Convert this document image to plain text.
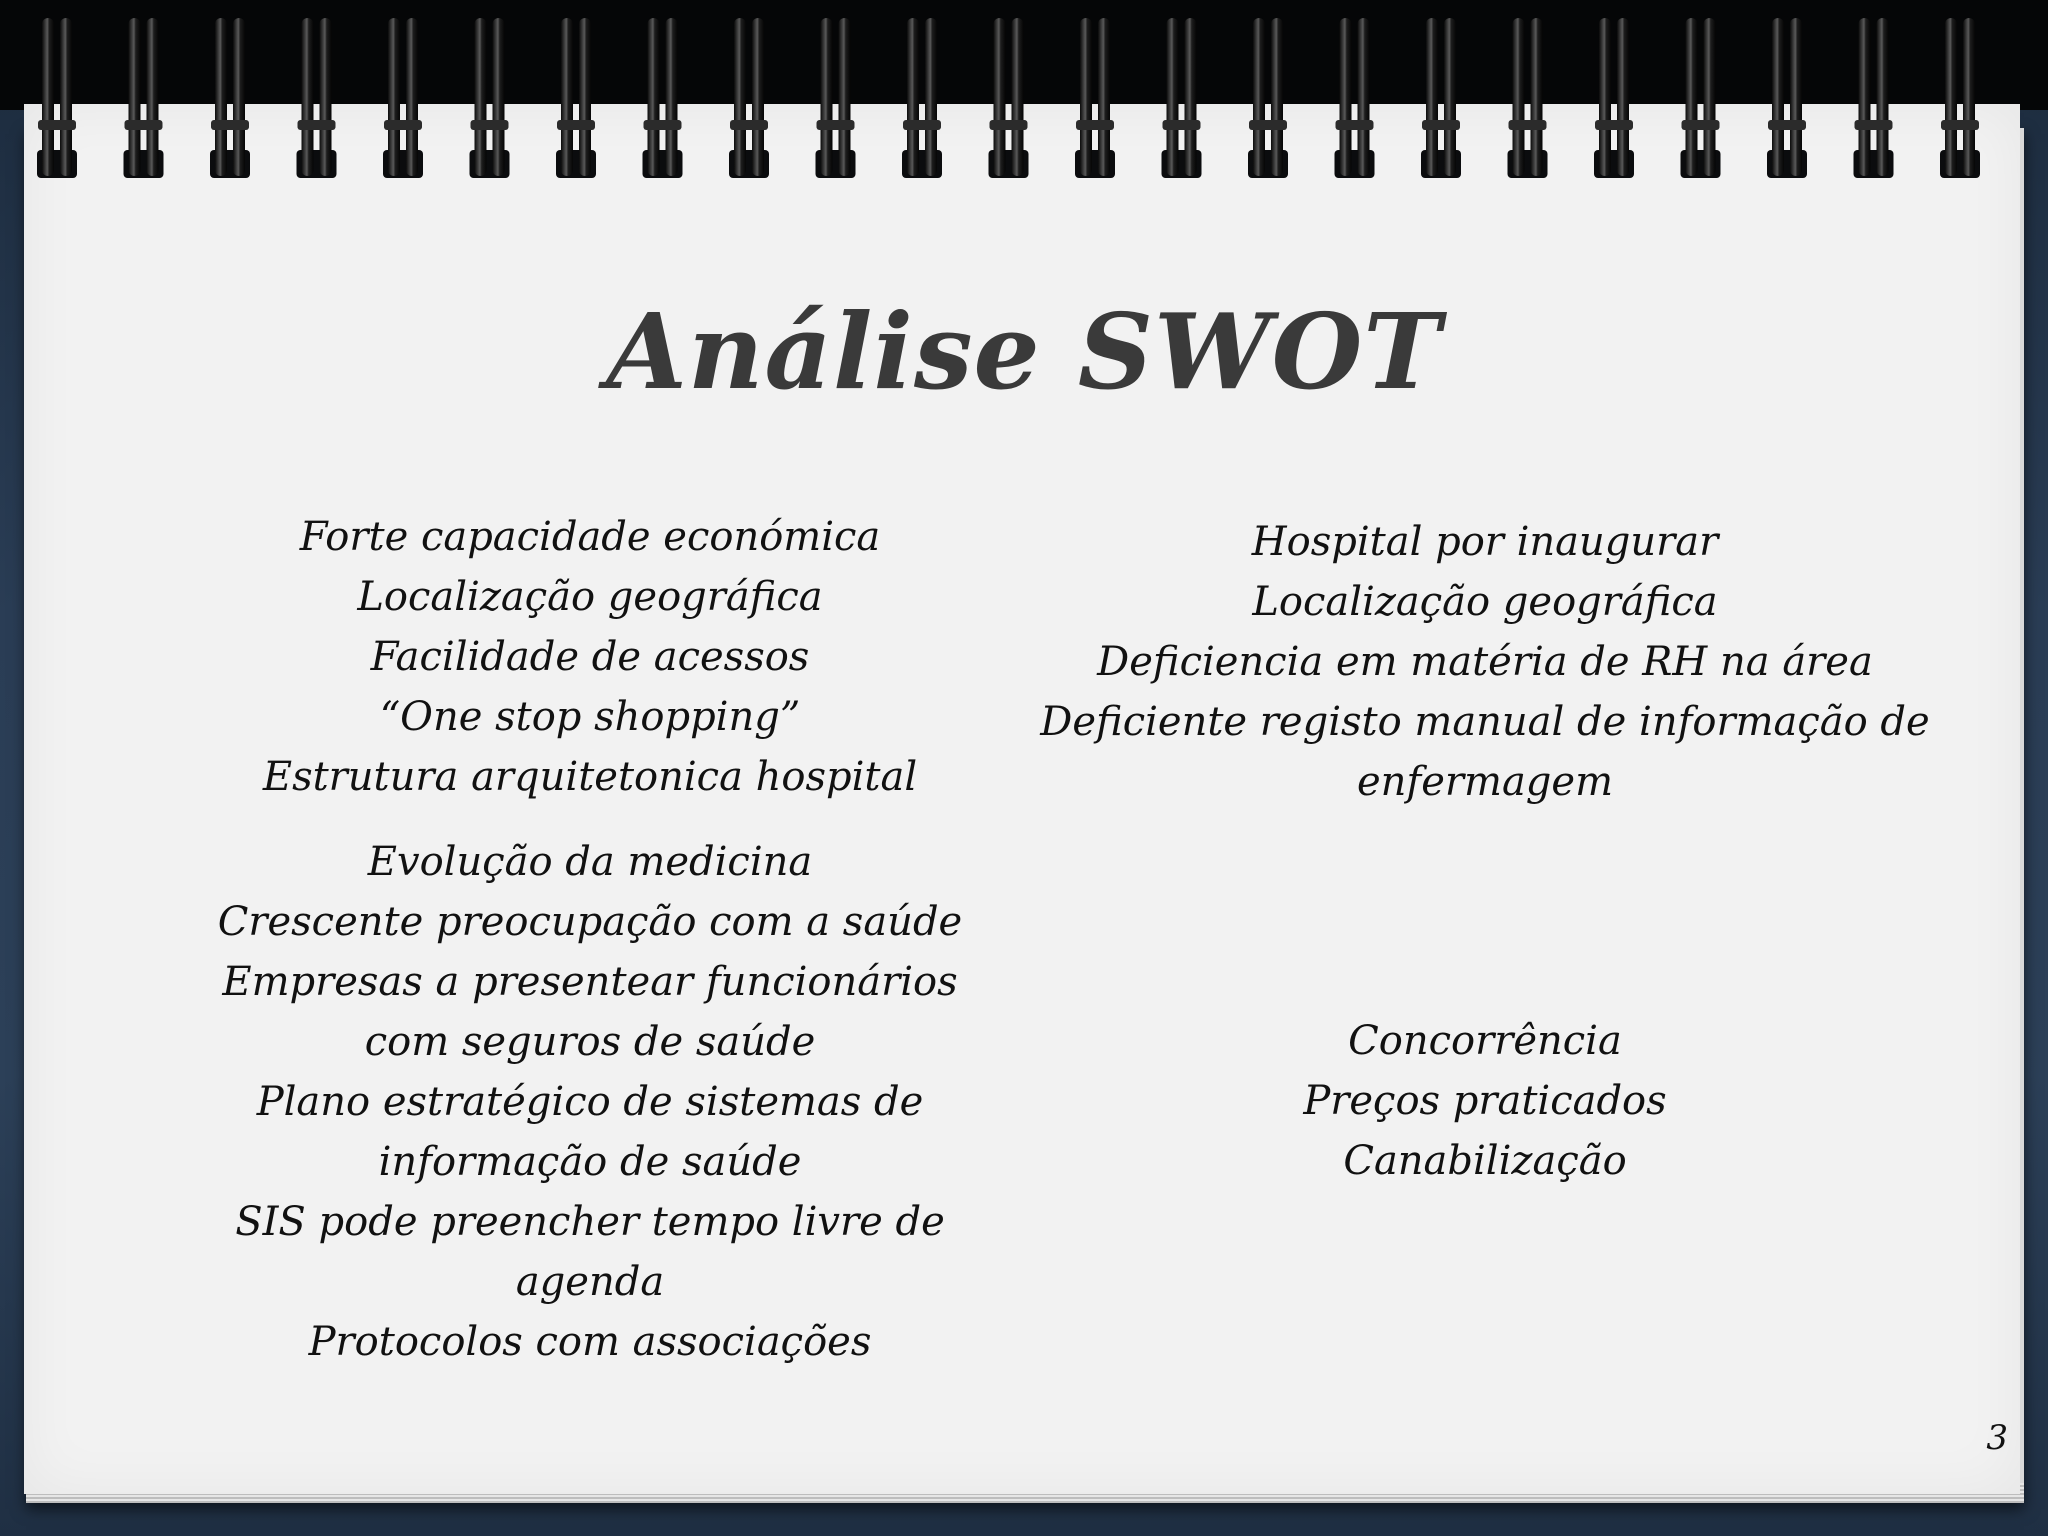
Análise SWOT
Forte capacidade económica
Localização geográfica
Facilidade de acessos
“One stop shopping”
Estrutura arquitetonica hospital
Evolução da medicina
Crescente preocupação com a saúde
Empresas a presentear funcionários
com seguros de saúde
Plano estratégico de sistemas de
informação de saúde
SIS pode preencher tempo livre de
agenda
Protocolos com associações
Hospital por inaugurar
Localização geográfica
Deficiencia em matéria de RH na área
Deficiente registo manual de informação de
enfermagem
Concorrência
Preços praticados
Canabilização
3
